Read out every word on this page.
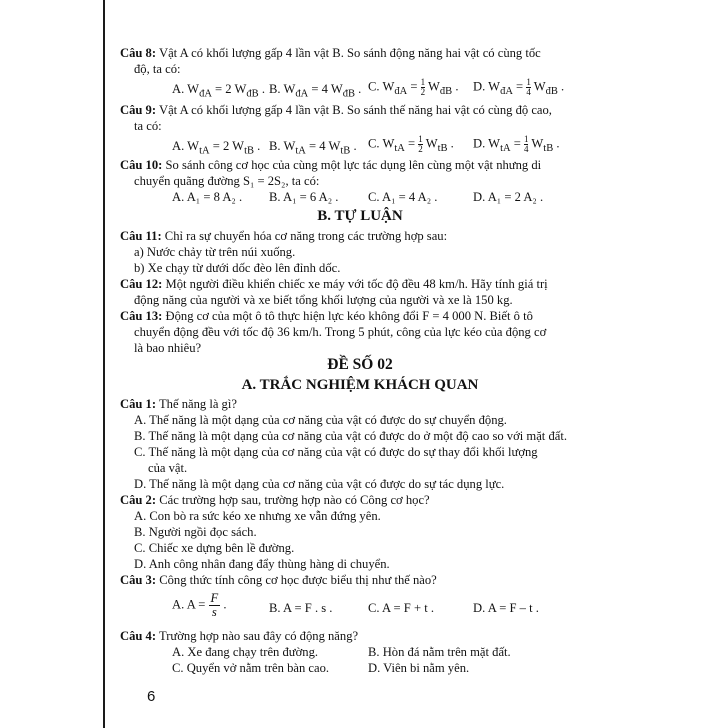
Câu 8: Vật A có khối lượng gấp 4 lần vật B. So sánh động năng hai vật có cùng tốc
độ, ta có:
A. $W_{đA} = 2$ $W_{đB}$ . B. $W_{đA} = 4$ $W_{đB}$ . C. $W_{đA} = \frac{1}{2} W_{đB}$ . D. $W_{đA} = \frac{1}{4} W_{đB}$ .
Câu 9: Vật A có khối lượng gấp 4 lần vật B. So sánh thế năng hai vật có cùng độ cao,
ta có:
A. $W_{tA} = 2$ $W_{tB}$ . B. $W_{tA} = 4$ $W_{tB}$ . C. $W_{tA} = \frac{1}{2} W_{tB}$ . D. $W_{tA} = \frac{1}{4} W_{tB}$ .
Câu 10: So sánh công cơ học của cùng một lực tác dụng lên cùng một vật nhưng di
chuyển quãng đường S₁ = 2S₂, ta có:
A. A₁ = 8 A₂ . B. A₁ = 6 A₂ . C. A₁ = 4 A₂ .	D. A₁ = 2 A₂ .
B. TỰ LUẬN
Câu 11: Chỉ ra sự chuyển hóa cơ năng trong các trường hợp sau:
a) Nước chảy từ trên núi xuống.
b) Xe chạy từ dưới dốc đèo lên đỉnh dốc.
Câu 12: Một người điều khiển chiếc xe máy với tốc độ đều 48 km/h. Hãy tính giá trị
động năng của người và xe biết tổng khối lượng của người và xe là 150 kg.
Câu 13: Động cơ của một ô tô thực hiện lực kéo không đổi F = 4 000 N. Biết ô tô
chuyển động đều với tốc độ 36 km/h. Trong 5 phút, công của lực kéo của động cơ
là bao nhiêu?
ĐỀ SỐ 02
A. TRẮC NGHIỆM KHÁCH QUAN
Câu 1: Thế năng là gì?
A. Thế năng là một dạng của cơ năng của vật có được do sự chuyển động.
B. Thế năng là một dạng của cơ năng của vật có được do ở một độ cao so với mặt đất.
C. Thế năng là một dạng của cơ năng của vật có được do sự thay đổi khối lượng
của vật.
D. Thế năng là một dạng của cơ năng của vật có được do sự tác dụng lực.
Câu 2: Các trường hợp sau, trường hợp nào có Công cơ học?
A. Con bò ra sức kéo xe nhưng xe vẫn đứng yên.
B. Người ngồi đọc sách.
C. Chiếc xe dựng bên lề đường.
D. Anh công nhân đang đẩy thùng hàng di chuyển.
Câu 3: Công thức tính công cơ học được biểu thị như thế nào?
A. $A = \frac{F}{s}$ .	B. A = F . s .	C. A = F + t .	D. A = F – t .
Câu 4: Trường hợp nào sau đây có động năng?
A. Xe đang chạy trên đường.	B. Hòn đá nằm trên mặt đất.
C. Quyển vở nằm trên bàn cao.	D. Viên bi nằm yên.
6
